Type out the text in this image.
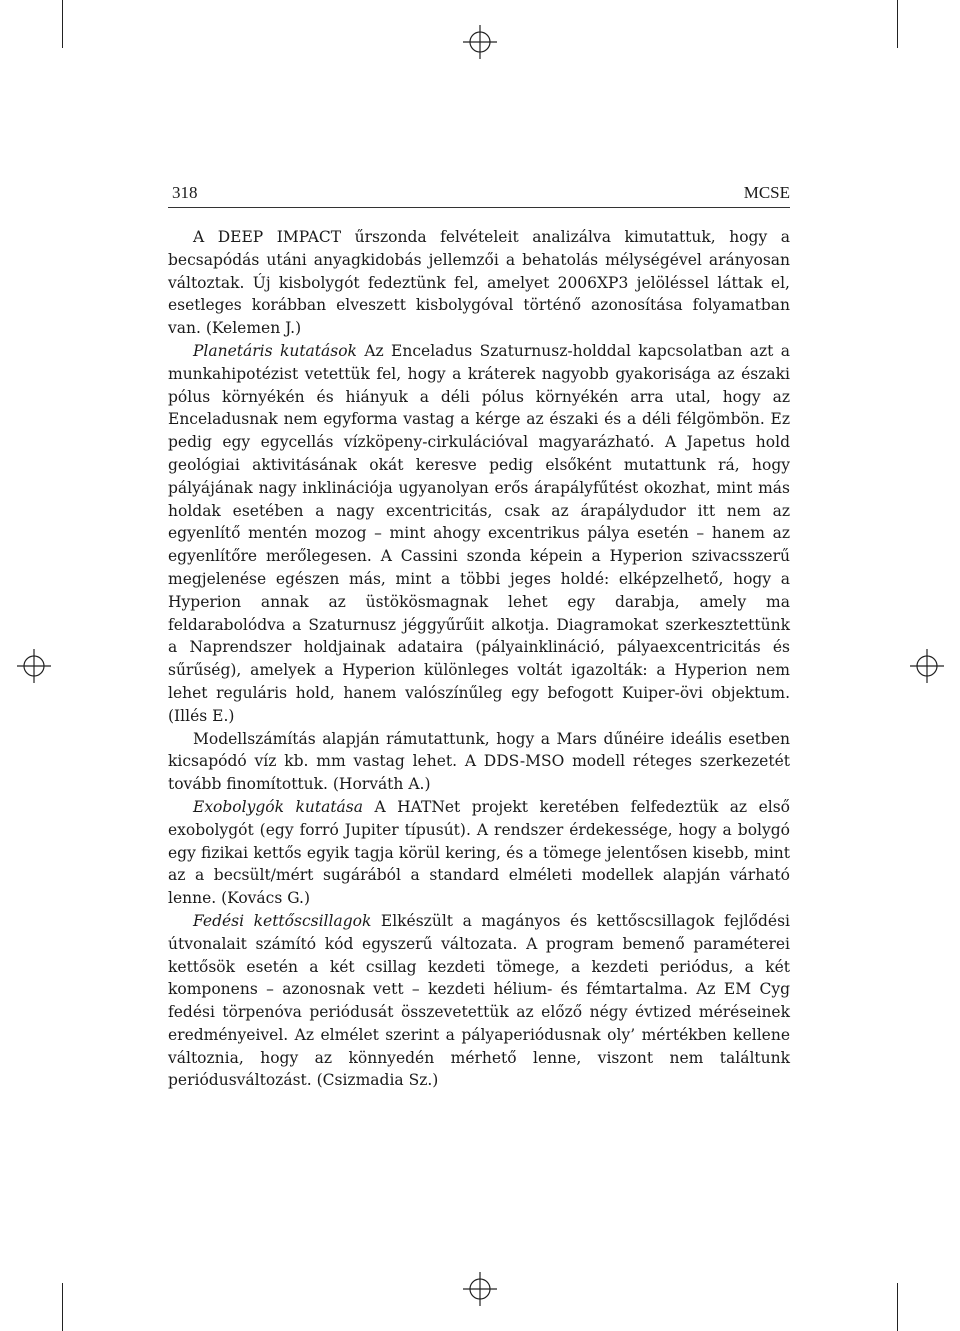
318	MCSE

A DEEP IMPACT űrszonda felvételeit analizálva kimutattuk, hogy a becsapódás utáni anyagkidobás jellemzői a behatolás mélységével arányosan változtak. Új kisbolygót fedeztünk fel, amelyet 2006XP3 jelöléssel láttak el, esetleges korábban elveszett kisbolygóval történő azonosítása folyamatban van. (Kelemen J.)

Planetáris kutatások Az Enceladus Szaturnusz-holddal kapcsolatban azt a munkahipotézist vetettük fel, hogy a kráterek nagyobb gyakorisága az északi pólus környékén és hiányuk a déli pólus környékén arra utal, hogy az Enceladusnak nem egyforma vastag a kérge az északi és a déli félgömbön. Ez pedig egy egycellás vízköpeny-cirkulációval magyarázható. A Japetus hold geológiai aktivitásának okát keresve pedig elsőként mutattunk rá, hogy pályájának nagy inklinációja ugyanolyan erős árapályfűtést okozhat, mint más holdak esetében a nagy excentricitás, csak az árapálydudor itt nem az egyenlítő mentén mozog – mint ahogy excentrikus pálya esetén – hanem az egyenlítőre merőlegesen. A Cassini szonda képein a Hyperion szivacsszerű megjelenése egészen más, mint a többi jeges holdé: elképzelhető, hogy a Hyperion annak az üstökösmagnak lehet egy darabja, amely ma feldarabolódva a Szaturnusz jéggyűrűit alkotja. Diagramokat szerkesztettünk a Naprendszer holdjainak adataira (pályainklináció, pályaexcentricitás és sűrűség), amelyek a Hyperion különleges voltát igazolták: a Hyperion nem lehet reguláris hold, hanem valószínűleg egy befogott Kuiper-övi objektum. (Illés E.)

Modellszámítás alapján rámutattunk, hogy a Mars dűnéire ideális esetben kicsapódó víz kb. mm vastag lehet. A DDS-MSO modell réteges szerkezetét tovább finomítottuk. (Horváth A.)

Exobolygók kutatása A HATNet projekt keretében felfedeztük az első exobolygót (egy forró Jupiter típusút). A rendszer érdekessége, hogy a bolygó egy fizikai kettős egyik tagja körül kering, és a tömege jelentősen kisebb, mint az a becsült/mért sugárából a standard elméleti modellek alapján várható lenne. (Kovács G.)

Fedési kettőscsillagok Elkészült a magányos és kettőscsillagok fejlődési útvonalait számító kód egyszerű változata. A program bemenő paraméterei kettősök esetén a két csillag kezdeti tömege, a kezdeti periódus, a két komponens – azonosnak vett – kezdeti hélium- és fémtartalma. Az EM Cyg fedési törpenóva periódusát összevetettük az előző négy évtized méréseinek eredményeivel. Az elmélet szerint a pályaperiódusnak oly’ mértékben kellene változnia, hogy az könnyedén mérhető lenne, viszont nem találtunk periódusváltozást. (Csizmadia Sz.)
